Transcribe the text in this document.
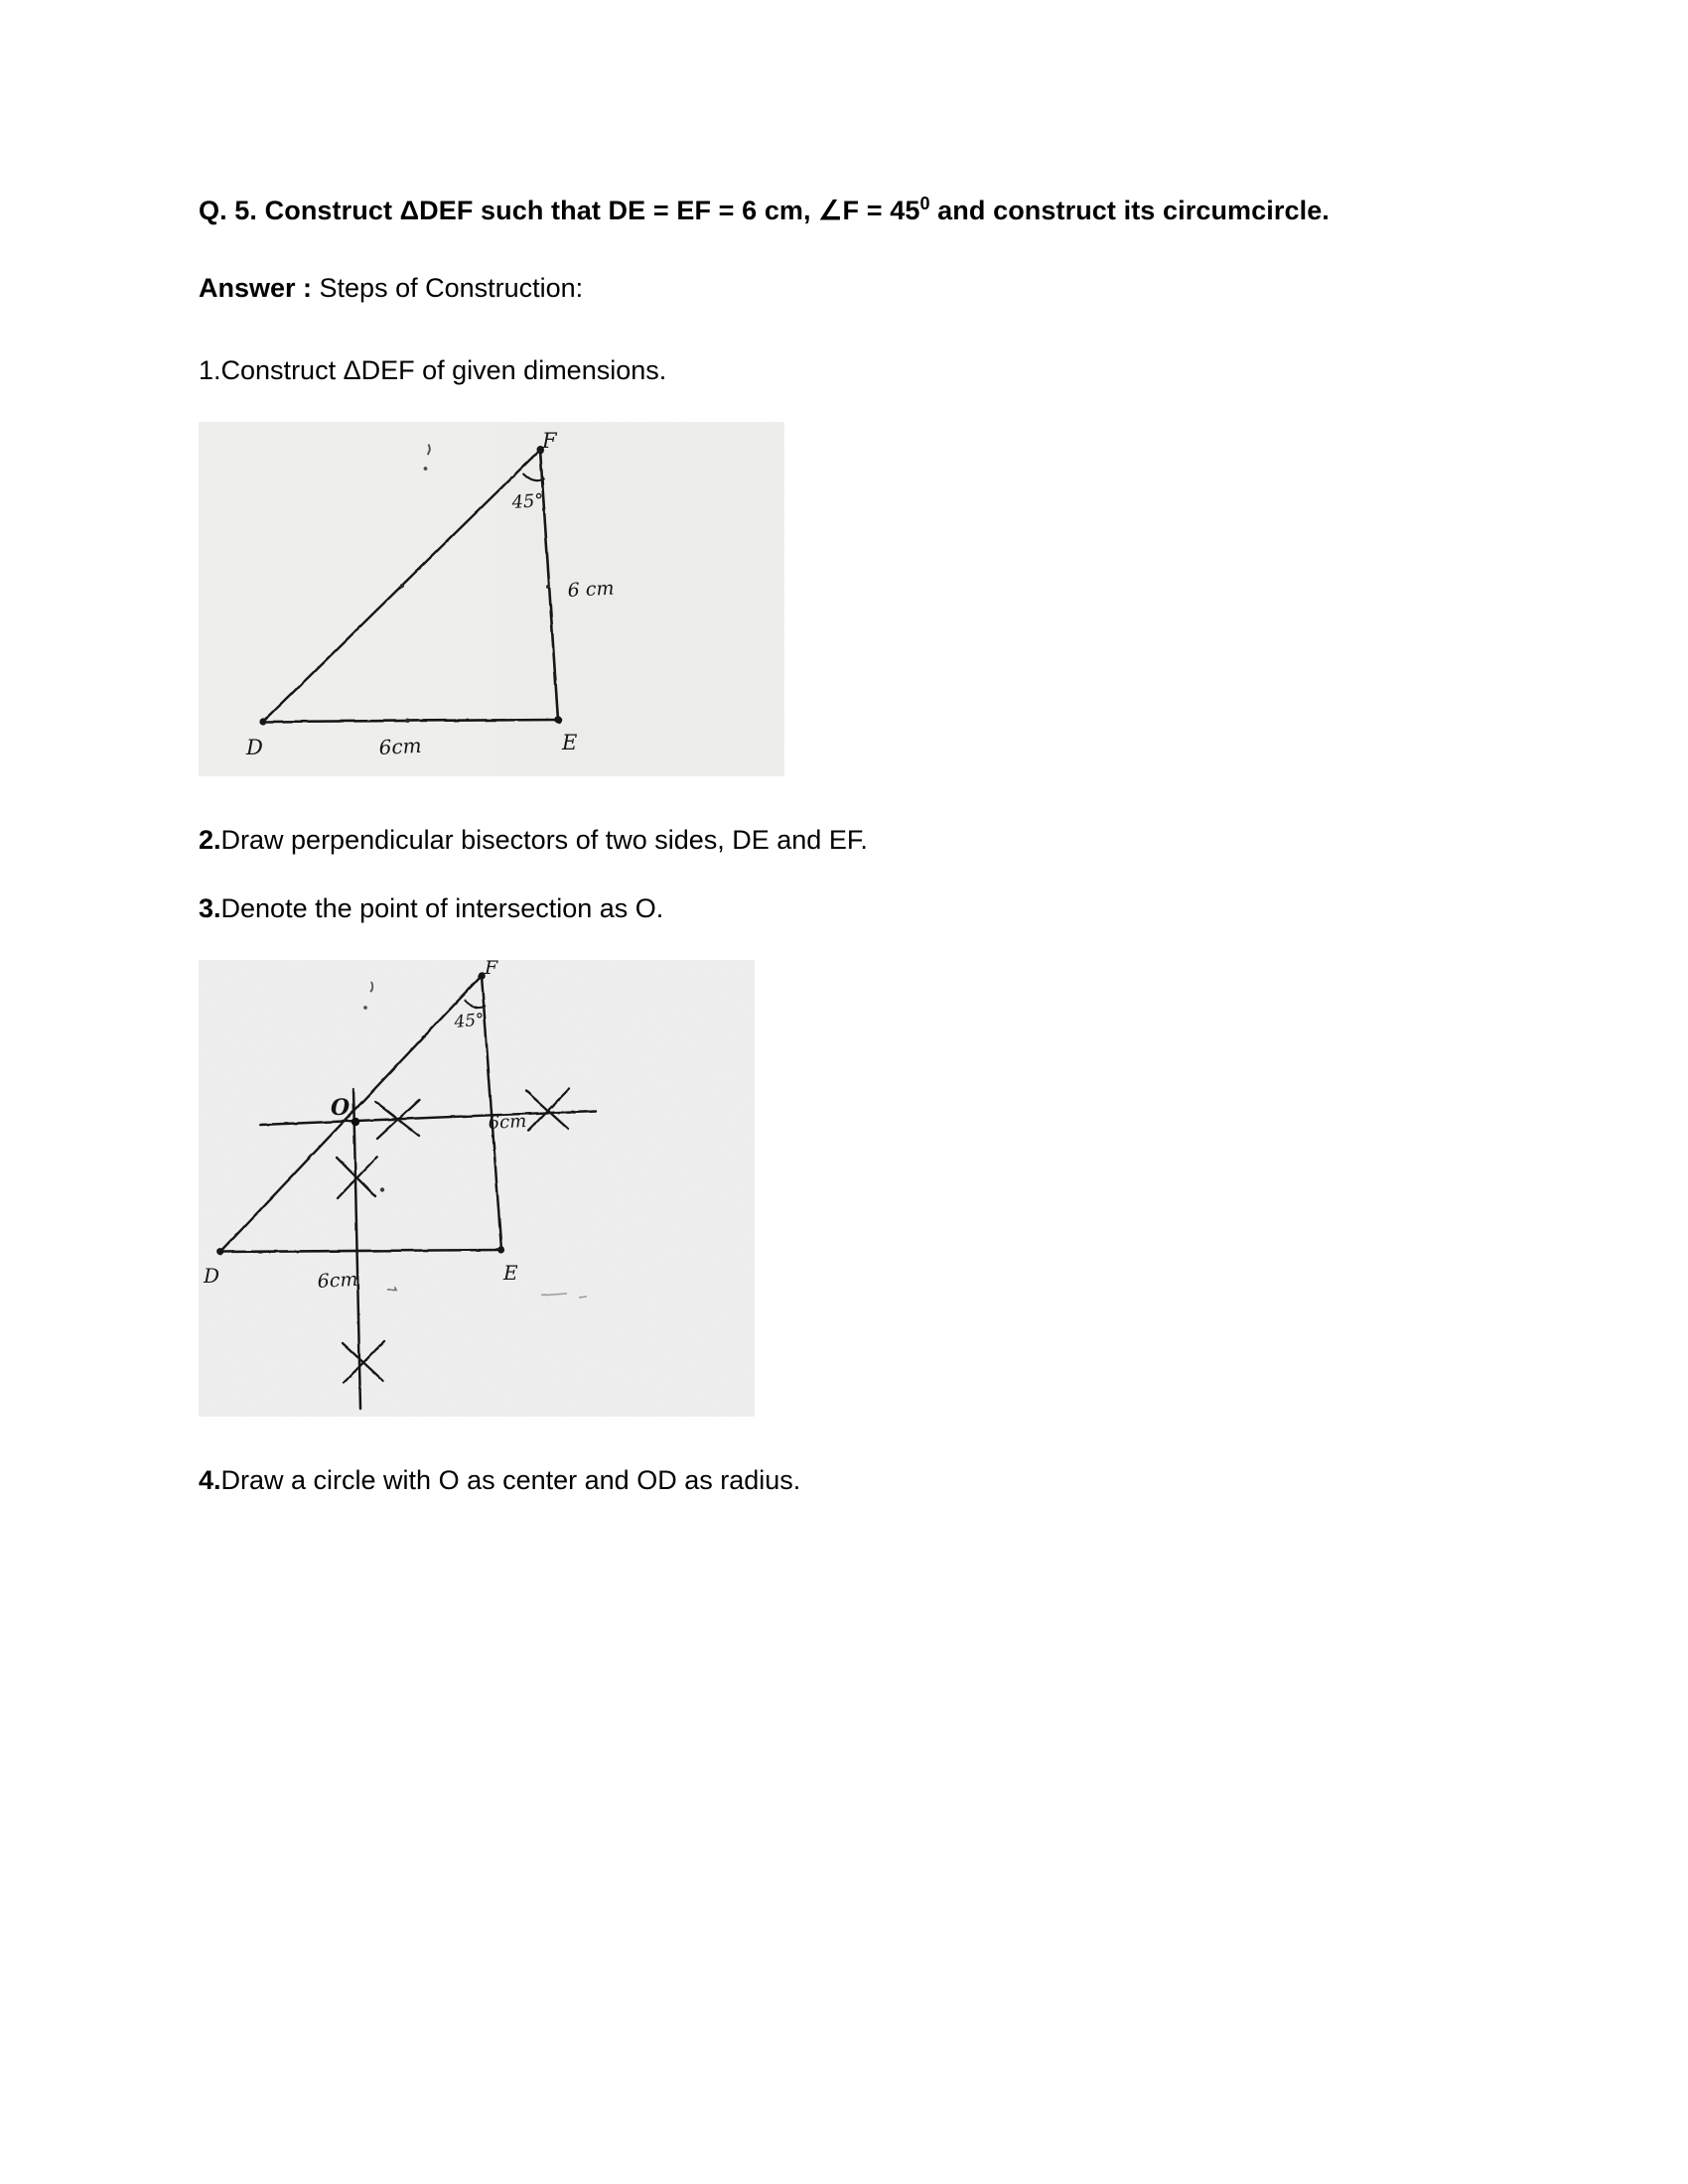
Q. 5. Construct ΔDEF such that DE = EF = 6 cm, ∠F = $45^0$ and construct its circumcircle.

Answer : Steps of Construction:

1.Construct ΔDEF of given dimensions.

F
45°
6 cm
D	E
6cm

2.Draw perpendicular bisectors of two sides, DE and EF.

3.Denote the point of intersection as O.

F
45°
O
6cm
D	E
6cm

4.Draw a circle with O as center and OD as radius.
